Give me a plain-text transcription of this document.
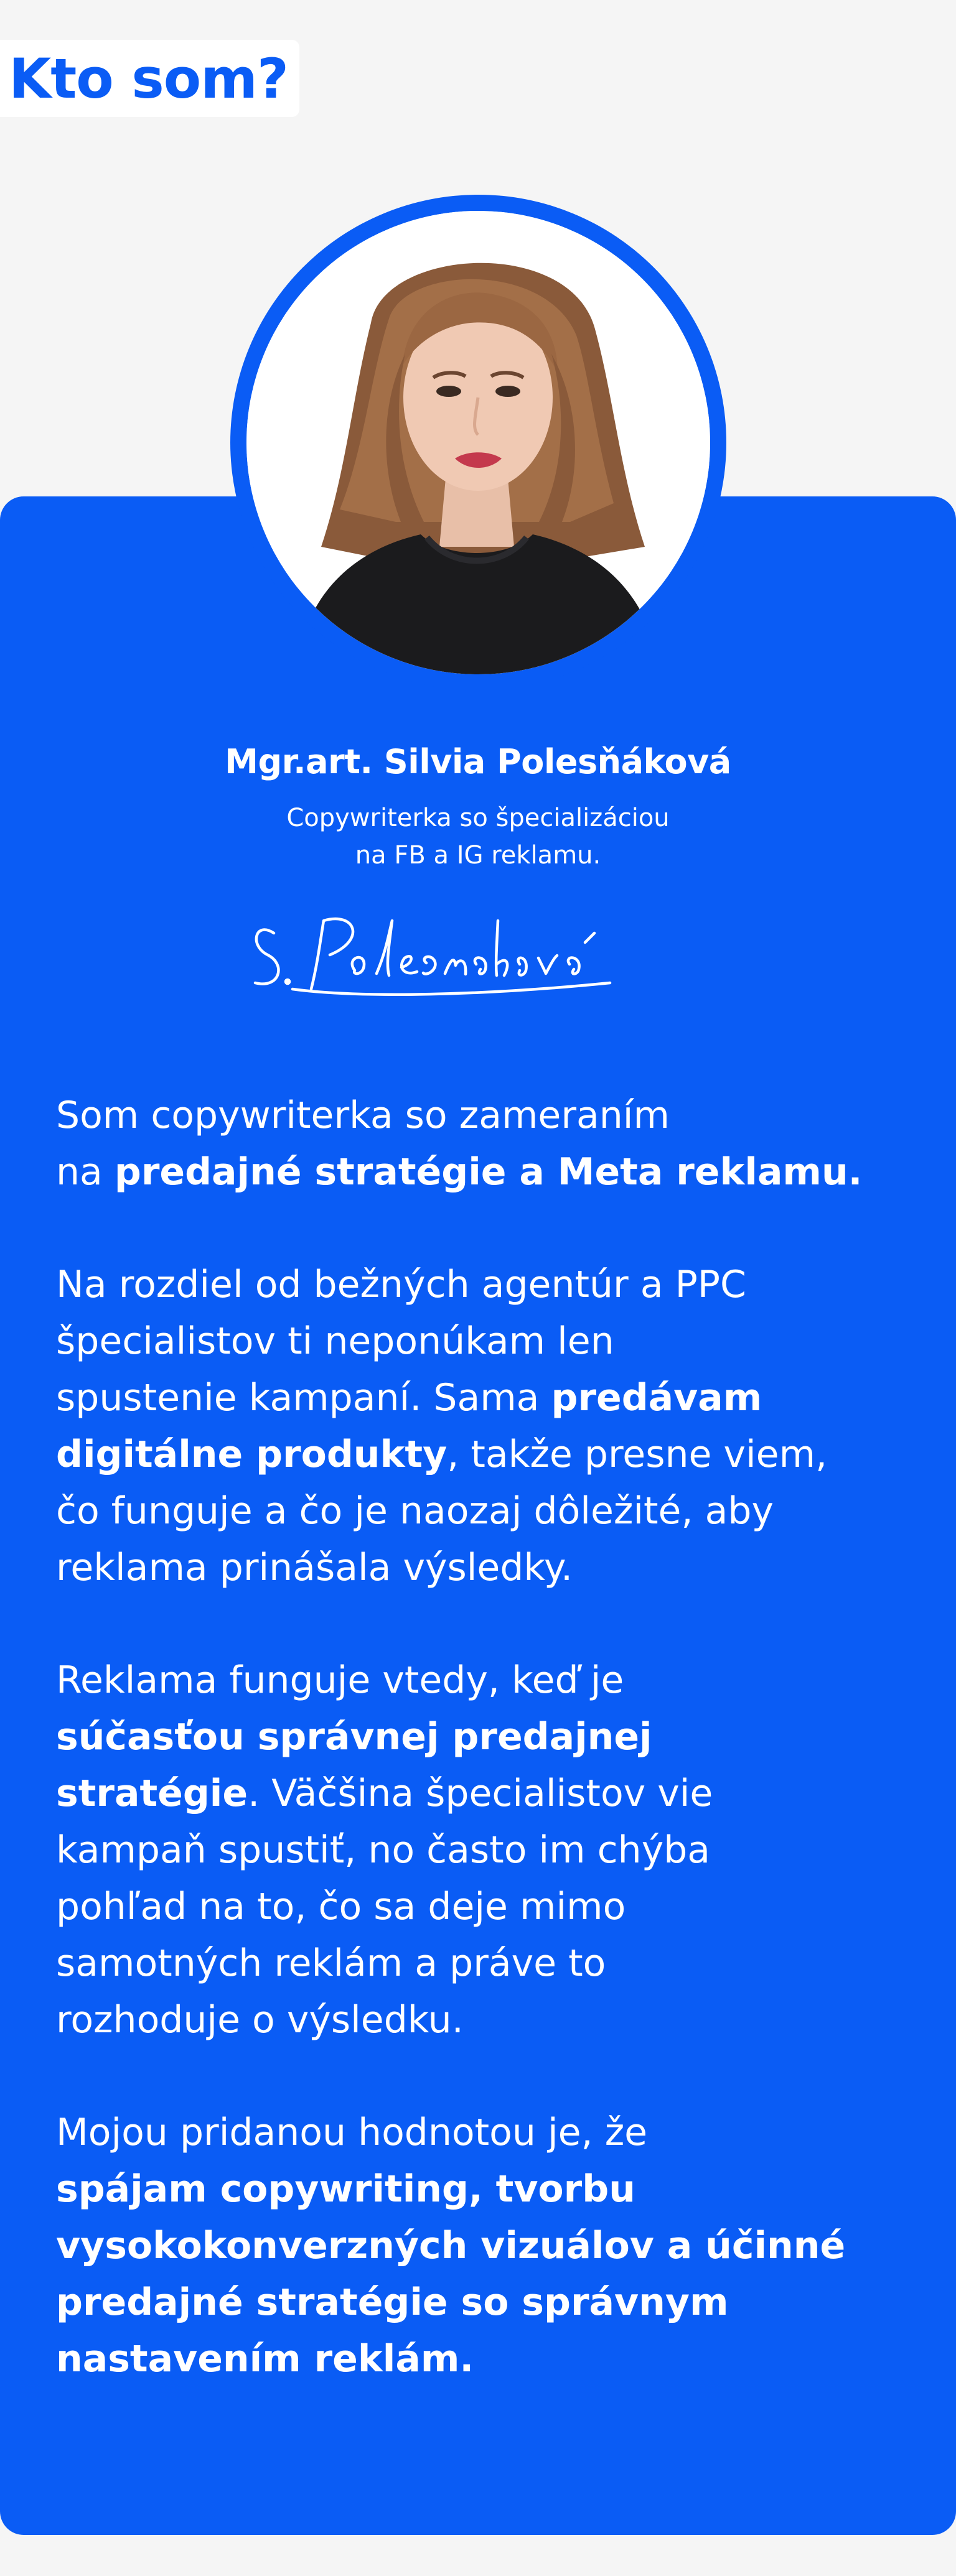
Kto som?
Mgr.art. Silvia Polesňáková
Copywriterka so špecializáciou
na FB a IG reklamu.
Som copywriterka so zameraním
na predajné stratégie a Meta reklamu.
Na rozdiel od bežných agentúr a PPC
špecialistov ti neponúkam len
spustenie kampaní. Sama predávam
digitálne produkty, takže presne viem,
čo funguje a čo je naozaj dôležité, aby
reklama prinášala výsledky.
Reklama funguje vtedy, keď je
súčasťou správnej predajnej
stratégie. Väčšina špecialistov vie
kampaň spustiť, no často im chýba
pohľad na to, čo sa deje mimo
samotných reklám a práve to
rozhoduje o výsledku.
Mojou pridanou hodnotou je, že
spájam copywriting, tvorbu
vysokokonverzných vizuálov a účinné
predajné stratégie so správnym
nastavením reklám.
